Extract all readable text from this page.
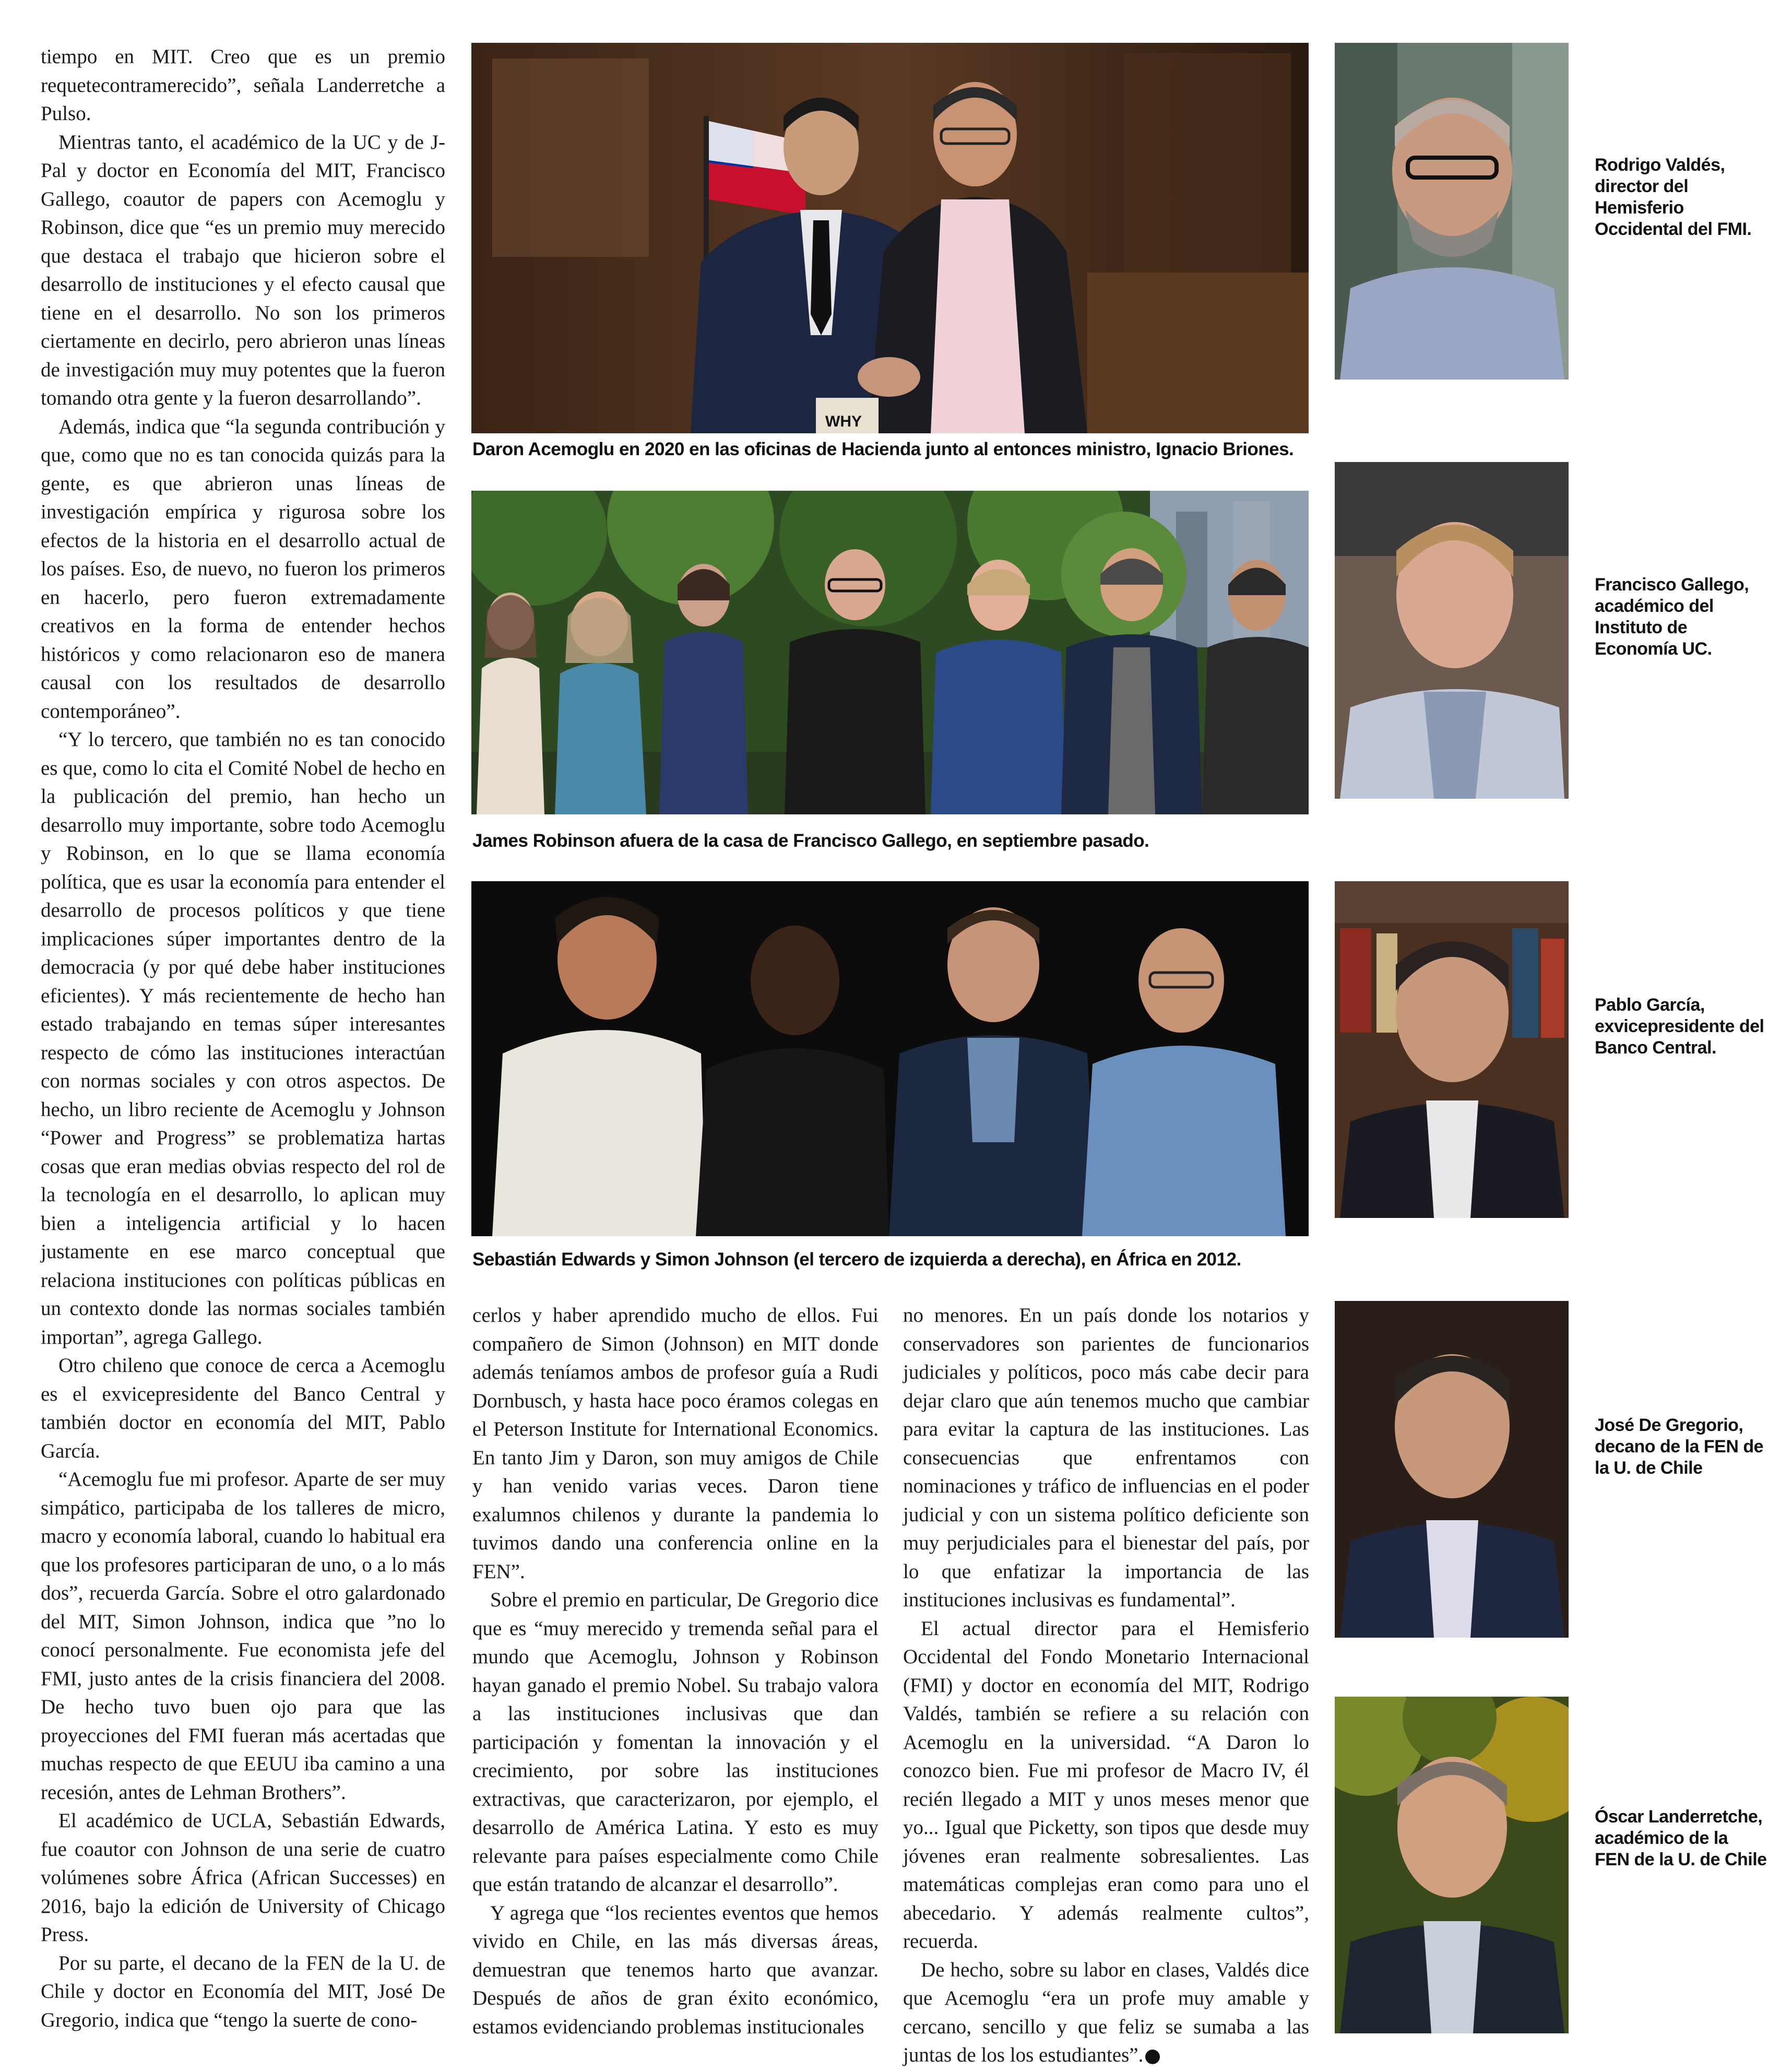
tiempo en MIT. Creo que es un premio requetecontramerecido”, señala Landerretche a Pulso.

Mientras tanto, el académico de la UC y de J-Pal y doctor en Economía del MIT, Francisco Gallego, coautor de papers con Acemoglu y Robinson, dice que “es un premio muy merecido que destaca el trabajo que hicieron sobre el desarrollo de instituciones y el efecto causal que tiene en el desarrollo. No son los primeros ciertamente en decirlo, pero abrieron unas líneas de investigación muy muy potentes que la fueron tomando otra gente y la fueron desarrollando”.

Además, indica que “la segunda contribución y que, como que no es tan conocida quizás para la gente, es que abrieron unas líneas de investigación empírica y rigurosa sobre los efectos de la historia en el desarrollo actual de los países. Eso, de nuevo, no fueron los primeros en hacerlo, pero fueron extremadamente creativos en la forma de entender hechos históricos y como relacionaron eso de manera causal con los resultados de desarrollo contemporáneo”.

“Y lo tercero, que también no es tan conocido es que, como lo cita el Comité Nobel de hecho en la publicación del premio, han hecho un desarrollo muy importante, sobre todo Acemoglu y Robinson, en lo que se llama economía política, que es usar la economía para entender el desarrollo de procesos políticos y que tiene implicaciones súper importantes dentro de la democracia (y por qué debe haber instituciones eficientes). Y más recientemente de hecho han estado trabajando en temas súper interesantes respecto de cómo las instituciones interactúan con normas sociales y con otros aspectos. De hecho, un libro reciente de Acemoglu y Johnson “Power and Progress” se problematiza hartas cosas que eran medias obvias respecto del rol de la tecnología en el desarrollo, lo aplican muy bien a inteligencia artificial y lo hacen justamente en ese marco conceptual que relaciona instituciones con políticas públicas en un contexto donde las normas sociales también importan”, agrega Gallego.

Otro chileno que conoce de cerca a Acemoglu es el exvicepresidente del Banco Central y también doctor en economía del MIT, Pablo García.

“Acemoglu fue mi profesor. Aparte de ser muy simpático, participaba de los talleres de micro, macro y economía laboral, cuando lo habitual era que los profesores participaran de uno, o a lo más dos”, recuerda García. Sobre el otro galardonado del MIT, Simon Johnson, indica que ”no lo conocí personalmente. Fue economista jefe del FMI, justo antes de la crisis financiera del 2008. De hecho tuvo buen ojo para que las proyecciones del FMI fueran más acertadas que muchas respecto de que EEUU iba camino a una recesión, antes de Lehman Brothers”.

El académico de UCLA, Sebastián Edwards, fue coautor con Johnson de una serie de cuatro volúmenes sobre África (African Successes) en 2016, bajo la edición de University of Chicago Press.

Por su parte, el decano de la FEN de la U. de Chile y doctor en Economía del MIT, José De Gregorio, indica que “tengo la suerte de cono-

WHY
Daron Acemoglu en 2020 en las oficinas de Hacienda junto al entonces ministro, Ignacio Briones.
James Robinson afuera de la casa de Francisco Gallego, en septiembre pasado.
Sebastián Edwards y Simon Johnson (el tercero de izquierda a derecha), en África en 2012.

cerlos y haber aprendido mucho de ellos. Fui compañero de Simon (Johnson) en MIT donde además teníamos ambos de profesor guía a Rudi Dornbusch, y hasta hace poco éramos colegas en el Peterson Institute for International Economics. En tanto Jim y Daron, son muy amigos de Chile y han venido varias veces. Daron tiene exalumnos chilenos y durante la pandemia lo tuvimos dando una conferencia online en la FEN”.

Sobre el premio en particular, De Gregorio dice que es “muy merecido y tremenda señal para el mundo que Acemoglu, Johnson y Robinson hayan ganado el premio Nobel. Su trabajo valora a las instituciones inclusivas que dan participación y fomentan la innovación y el crecimiento, por sobre las instituciones extractivas, que caracterizaron, por ejemplo, el desarrollo de América Latina. Y esto es muy relevante para países especialmente como Chile que están tratando de alcanzar el desarrollo”.

Y agrega que “los recientes eventos que hemos vivido en Chile, en las más diversas áreas, demuestran que tenemos harto que avanzar. Después de años de gran éxito económico, estamos evidenciando problemas institucionales

no menores. En un país donde los notarios y conservadores son parientes de funcionarios judiciales y políticos, poco más cabe decir para dejar claro que aún tenemos mucho que cambiar para evitar la captura de las instituciones. Las consecuencias que enfrentamos con nominaciones y tráfico de influencias en el poder judicial y con un sistema político deficiente son muy perjudiciales para el bienestar del país, por lo que enfatizar la importancia de las instituciones inclusivas es fundamental”.

El actual director para el Hemisferio Occidental del Fondo Monetario Internacional (FMI) y doctor en economía del MIT, Rodrigo Valdés, también se refiere a su relación con Acemoglu en la universidad. “A Daron lo conozco bien. Fue mi profesor de Macro IV, él recién llegado a MIT y unos meses menor que yo... Igual que Picketty, son tipos que desde muy jóvenes eran realmente sobresalientes. Las matemáticas complejas eran como para uno el abecedario. Y además realmente cultos”, recuerda.

De hecho, sobre su labor en clases, Valdés dice que Acemoglu “era un profe muy amable y cercano, sencillo y que feliz se sumaba a las juntas de los los estudiantes”. P

Rodrigo Valdés, director del Hemisferio Occidental del FMI.
Francisco Gallego, académico del Instituto de Economía UC.
Pablo García, exvicepresidente del Banco Central.
José De Gregorio, decano de la FEN de la U. de Chile
Óscar Landerretche, académico de la FEN de la U. de Chile
